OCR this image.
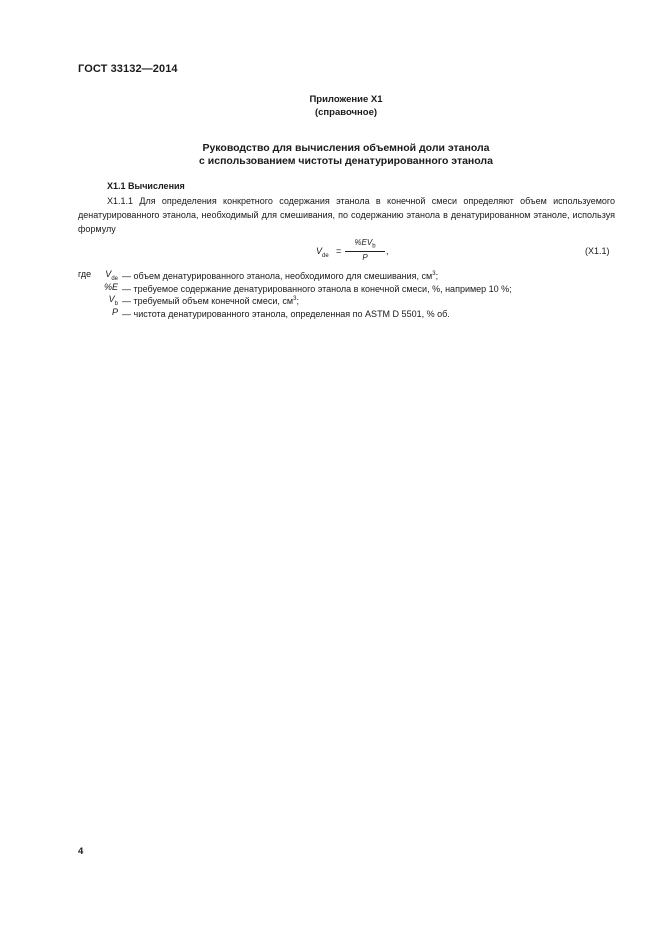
ГОСТ 33132—2014
Приложение X1
(справочное)
Руководство для вычисления объемной доли этанола
с использованием чистоты денатурированного этанола
X1.1 Вычисления
X1.1.1 Для определения конкретного содержания этанола в конечной смеси определяют объем используемого денатурированного этанола, необходимый для смешивания, по содержанию этанола в денатурированном этаноле, используя формулу
$V_{de}$ =
$\%EV_b$
P
,	(X1.1)
где	$V_{de}$ — объем денатурированного этанола, необходимого для смешивания, $см^3$;
%E — требуемое содержание денатурированного этанола в конечной смеси, %, например 10 %;
$V_b$ — требуемый объем конечной смеси, $см^3$;
P — чистота денатурированного этанола, определенная по ASTM D 5501, % об.
4
